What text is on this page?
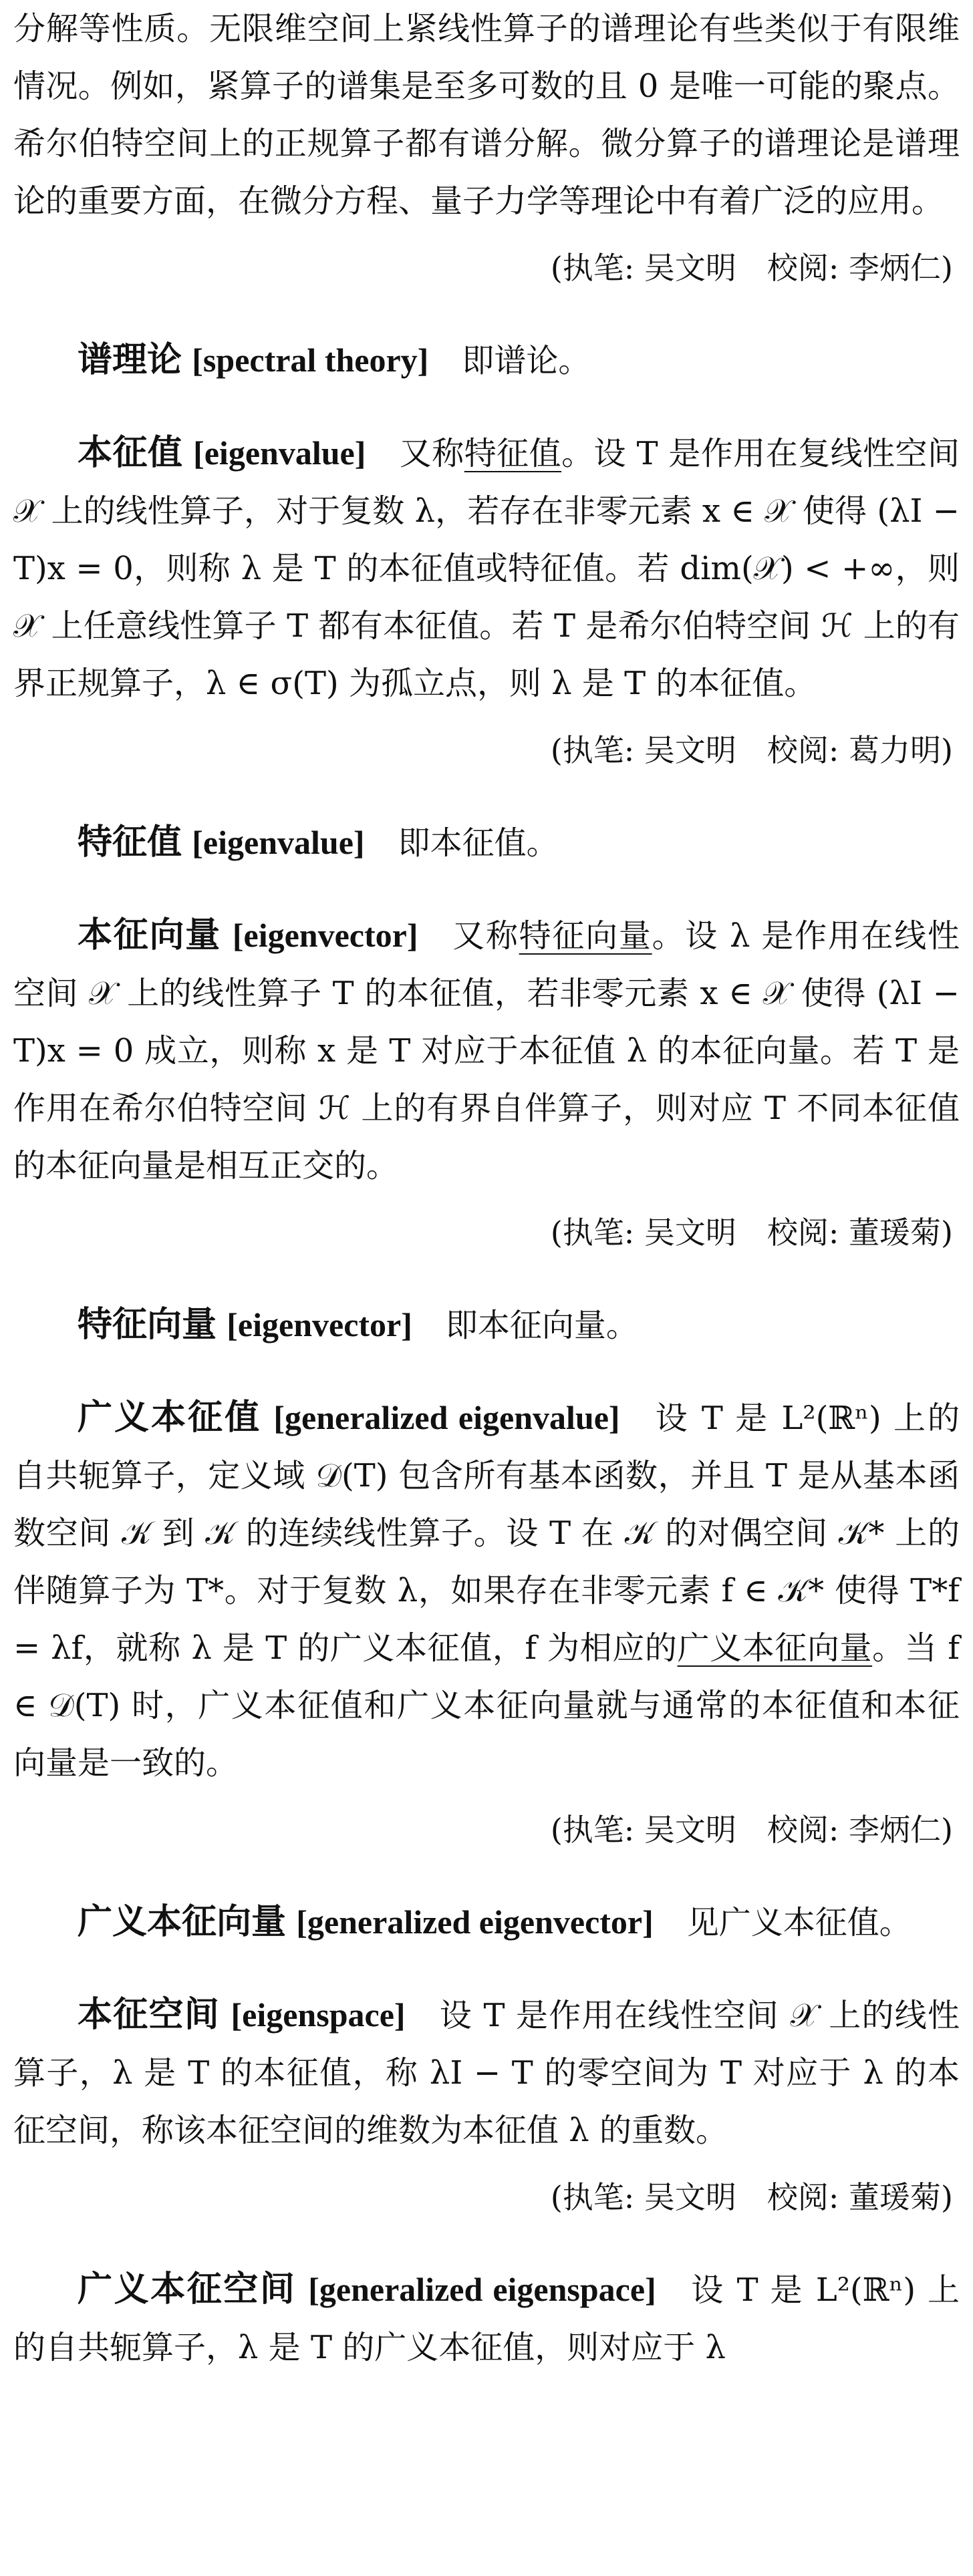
分解等性质。无限维空间上紧线性算子的谱理论有些类似于有限维情况。例如，紧算子的谱集是至多可数的且 0 是唯一可能的聚点。希尔伯特空间上的正规算子都有谱分解。微分算子的谱理论是谱理论的重要方面，在微分方程、量子力学等理论中有着广泛的应用。

(执笔: 吴文明 校阅: 李炳仁)

谱理论 [spectral theory] 即谱论。

本征值 [eigenvalue] 又称特征值。设 T 是作用在复线性空间 𝒳 上的线性算子，对于复数 λ，若存在非零元素 x ∈ 𝒳 使得 (λI − T)x = 0，则称 λ 是 T 的本征值或特征值。若 dim(𝒳) < +∞，则 𝒳 上任意线性算子 T 都有本征值。若 T 是希尔伯特空间 ℋ 上的有界正规算子，λ ∈ σ(T) 为孤立点，则 λ 是 T 的本征值。

(执笔: 吴文明 校阅: 葛力明)

特征值 [eigenvalue] 即本征值。

本征向量 [eigenvector] 又称特征向量。设 λ 是作用在线性空间 𝒳 上的线性算子 T 的本征值，若非零元素 x ∈ 𝒳 使得 (λI − T)x = 0 成立，则称 x 是 T 对应于本征值 λ 的本征向量。若 T 是作用在希尔伯特空间 ℋ 上的有界自伴算子，则对应 T 不同本征值的本征向量是相互正交的。

(执笔: 吴文明 校阅: 董瑗菊)

特征向量 [eigenvector] 即本征向量。

广义本征值 [generalized eigenvalue] 设 T 是 L²(ℝⁿ) 上的自共轭算子，定义域 𝒟(T) 包含所有基本函数，并且 T 是从基本函数空间 𝒦 到 𝒦 的连续线性算子。设 T 在 𝒦 的对偶空间 𝒦* 上的伴随算子为 T*。对于复数 λ，如果存在非零元素 f ∈ 𝒦* 使得 T*f = λf，就称 λ 是 T 的广义本征值，f 为相应的广义本征向量。当 f ∈ 𝒟(T) 时，广义本征值和广义本征向量就与通常的本征值和本征向量是一致的。

(执笔: 吴文明 校阅: 李炳仁)

广义本征向量 [generalized eigenvector] 见广义本征值。

本征空间 [eigenspace] 设 T 是作用在线性空间 𝒳 上的线性算子，λ 是 T 的本征值，称 λI − T 的零空间为 T 对应于 λ 的本征空间，称该本征空间的维数为本征值 λ 的重数。

(执笔: 吴文明 校阅: 董瑗菊)

广义本征空间 [generalized eigenspace] 设 T 是 L²(ℝⁿ) 上的自共轭算子，λ 是 T 的广义本征值，则对应于 λ
